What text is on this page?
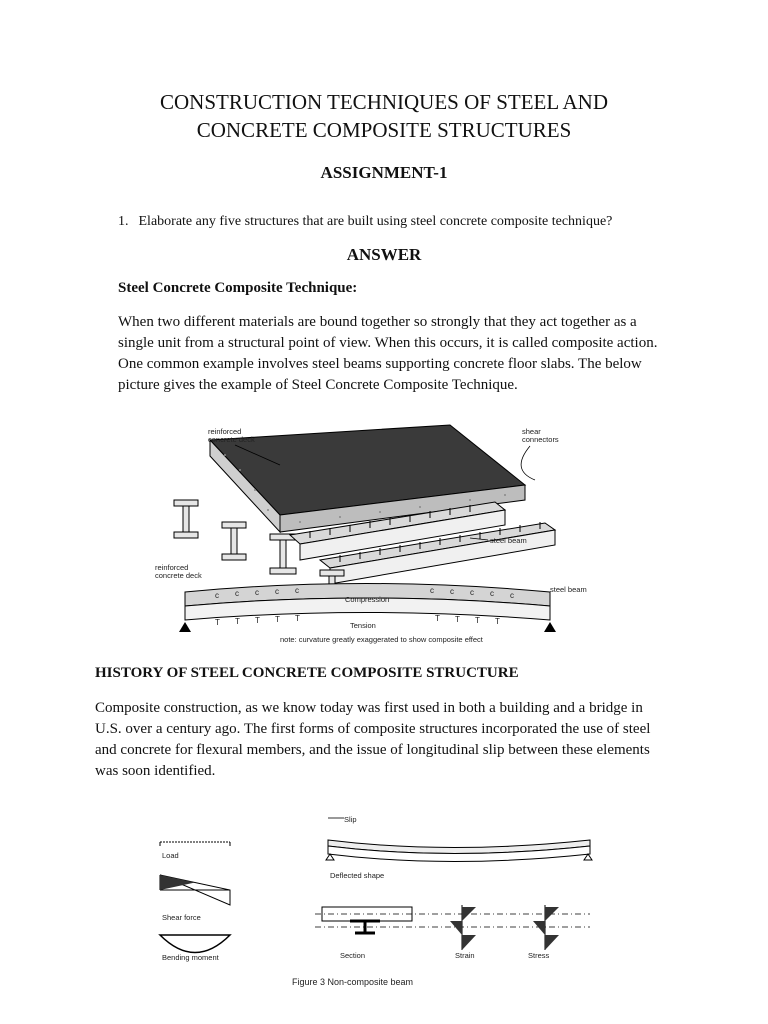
CONSTRUCTION TECHNIQUES OF STEEL AND
CONCRETE COMPOSITE STRUCTURES
ASSIGNMENT-1
1. Elaborate any five structures that are built using steel concrete composite technique?
ANSWER
Steel Concrete Composite Technique:
When two different materials are bound together so strongly that they act together as a
single unit from a structural point of view. When this occurs, it is called composite action.
One common example involves steel beams supporting concrete floor slabs. The below
picture gives the example of Steel Concrete Composite Technique.
reinforced
concrete deck
shear
connectors
steel beam
reinforced
concrete deck
steel beam
Compression
Tension
c c c c c	c c c c c
T T T T T	T T T T
note: curvature greatly exaggerated to show composite effect
HISTORY OF STEEL CONCRETE COMPOSITE STRUCTURE
Composite construction, as we know today was first used in both a building and a bridge in
U.S. over a century ago. The first forms of composite structures incorporated the use of steel
and concrete for flexural members, and the issue of longitudinal slip between these elements
was soon identified.
Load
Shear force
Bending moment
Slip
Deflected shape
Section	Strain	Stress
Figure 3 Non-composite beam
